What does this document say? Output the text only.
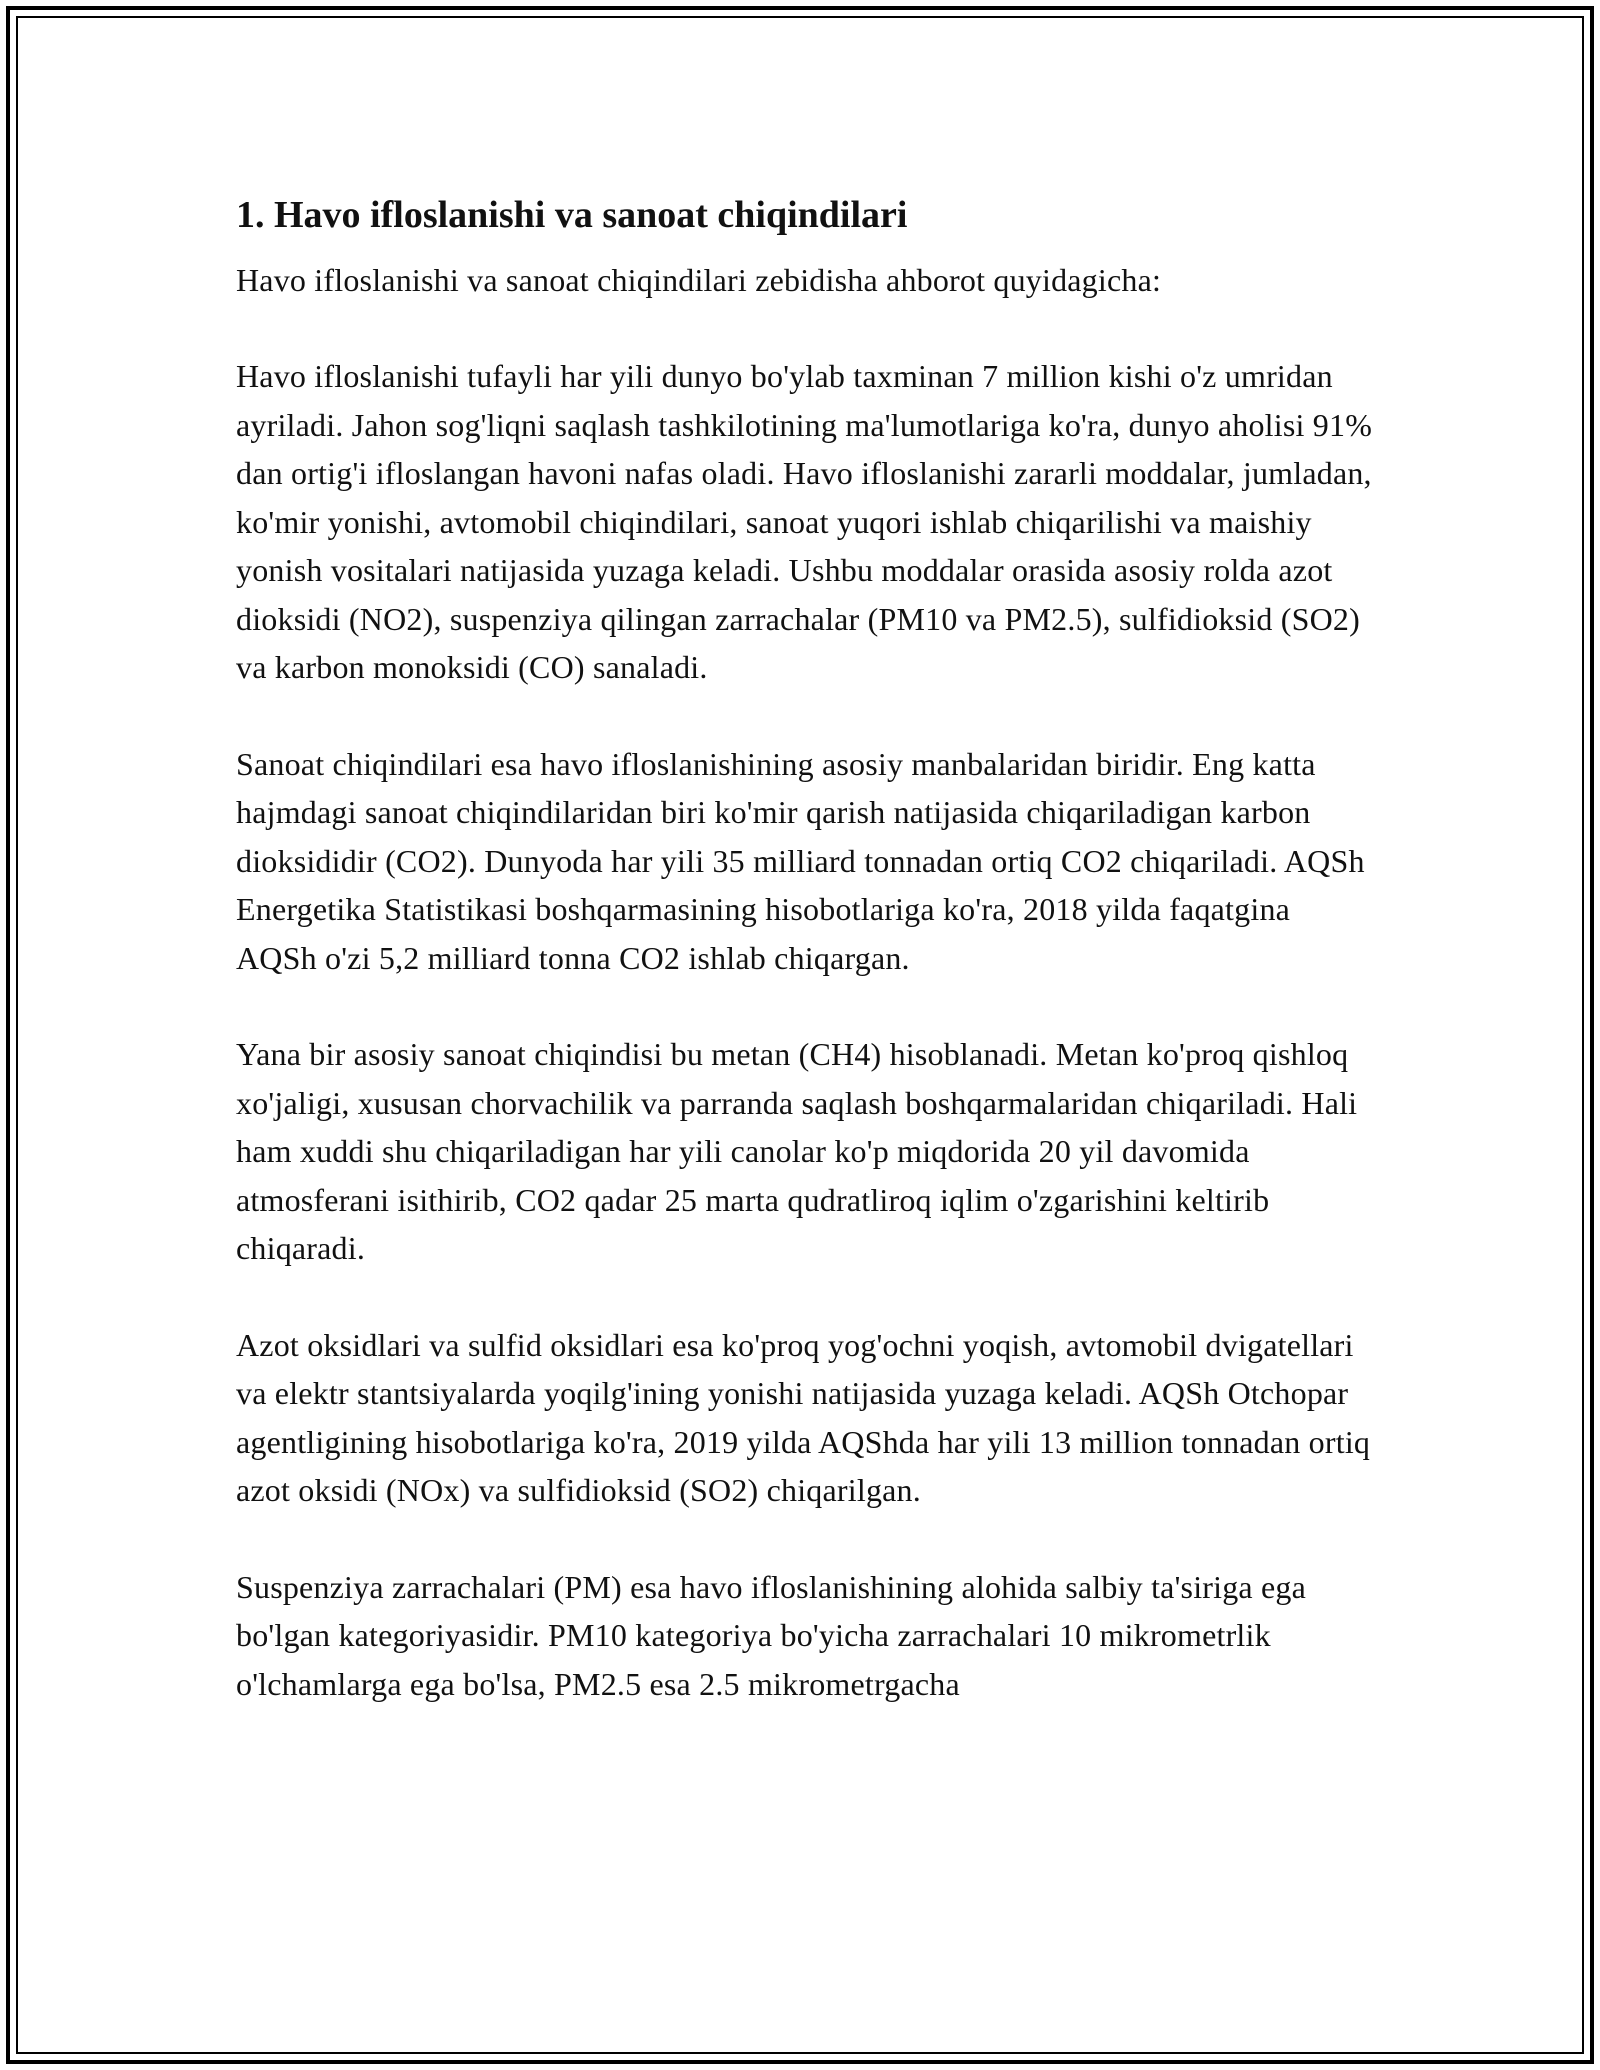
1. Havo ifloslanishi va sanoat chiqindilari

Havo ifloslanishi va sanoat chiqindilari zebidisha ahborot quyidagicha:

Havo ifloslanishi tufayli har yili dunyo bo'ylab taxminan 7 million kishi o'z umridan ayriladi. Jahon sog'liqni saqlash tashkilotining ma'lumotlariga ko'ra, dunyo aholisi 91% dan ortig'i ifloslangan havoni nafas oladi. Havo ifloslanishi zararli moddalar, jumladan, ko'mir yonishi, avtomobil chiqindilari, sanoat yuqori ishlab chiqarilishi va maishiy yonish vositalari natijasida yuzaga keladi. Ushbu moddalar orasida asosiy rolda azot dioksidi (NO2), suspenziya qilingan zarrachalar (PM10 va PM2.5), sulfidioksid (SO2) va karbon monoksidi (CO) sanaladi.

Sanoat chiqindilari esa havo ifloslanishining asosiy manbalaridan biridir. Eng katta hajmdagi sanoat chiqindilaridan biri ko'mir qarish natijasida chiqariladigan karbon dioksididir (CO2). Dunyoda har yili 35 milliard tonnadan ortiq CO2 chiqariladi. AQSh Energetika Statistikasi boshqarmasining hisobotlariga ko'ra, 2018 yilda faqatgina AQSh o'zi 5,2 milliard tonna CO2 ishlab chiqargan.

Yana bir asosiy sanoat chiqindisi bu metan (CH4) hisoblanadi. Metan ko'proq qishloq xo'jaligi, xususan chorvachilik va parranda saqlash boshqarmalaridan chiqariladi. Hali ham xuddi shu chiqariladigan har yili canolar ko'p miqdorida 20 yil davomida atmosferani isithirib, CO2 qadar 25 marta qudratliroq iqlim o'zgarishini keltirib chiqaradi.

Azot oksidlari va sulfid oksidlari esa ko'proq yog'ochni yoqish, avtomobil dvigatellari va elektr stantsiyalarda yoqilg'ining yonishi natijasida yuzaga keladi. AQSh Otchopar agentligining hisobotlariga ko'ra, 2019 yilda AQShda har yili 13 million tonnadan ortiq azot oksidi (NOx) va sulfidioksid (SO2) chiqarilgan.

Suspenziya zarrachalari (PM) esa havo ifloslanishining alohida salbiy ta'siriga ega bo'lgan kategoriyasidir. PM10 kategoriya bo'yicha zarrachalari 10 mikrometrlik o'lchamlarga ega bo'lsa, PM2.5 esa 2.5 mikrometrgacha
